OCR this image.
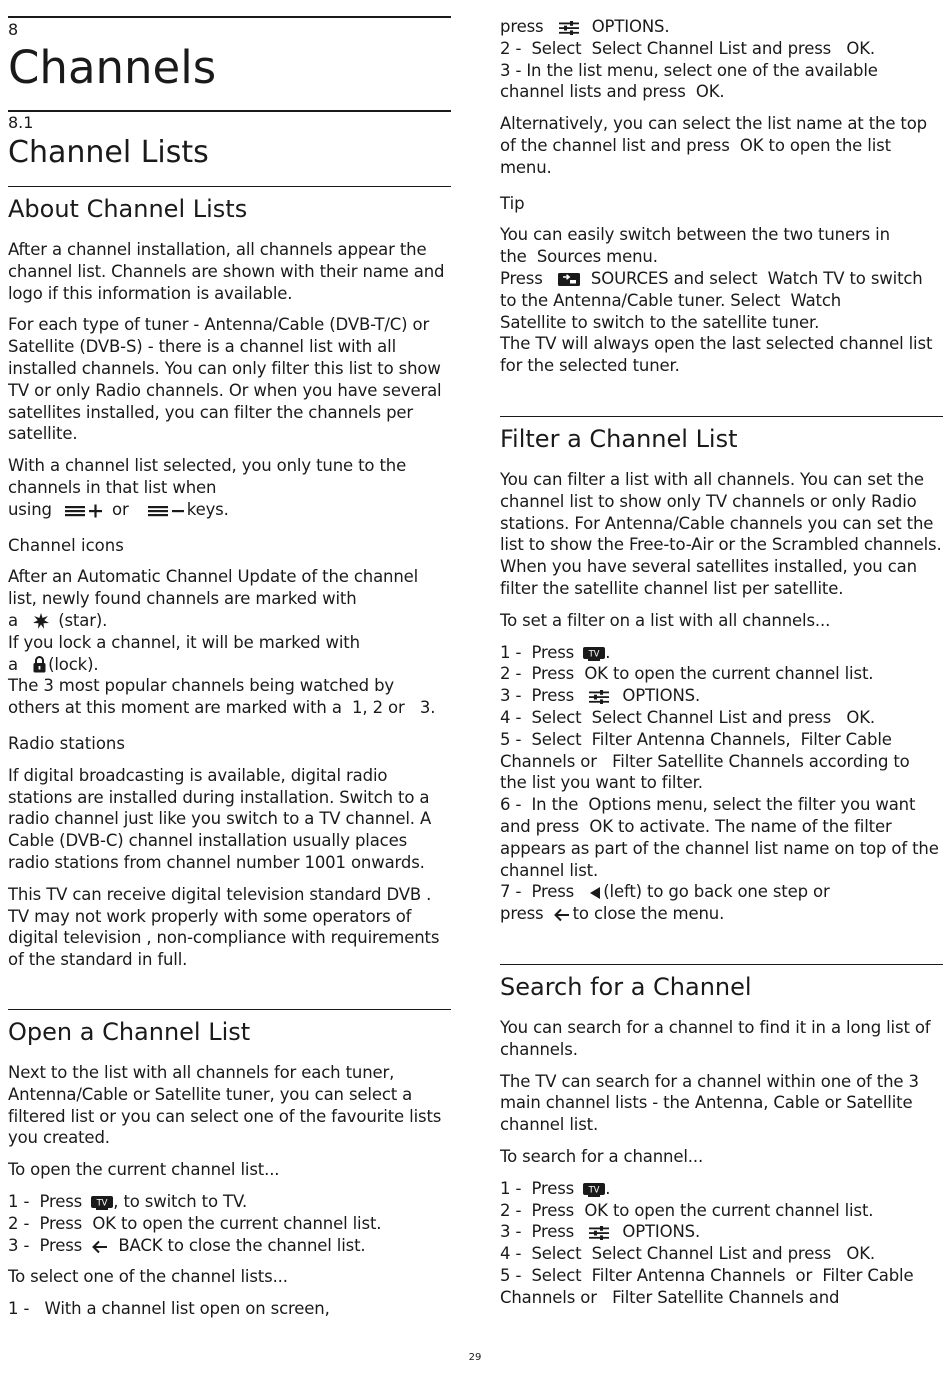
8
Channels
8.1
Channel Lists
About Channel Lists

After a channel installation, all channels appear the channel list. Channels are shown with their name and logo if this information is available.

For each type of tuner - Antenna/Cable (DVB-T/C) or Satellite (DVB-S) - there is a channel list with all installed channels. You can only filter this list to show TV or only Radio channels. Or when you have several satellites installed, you can filter the channels per satellite.

With a channel list selected, you only tune to the channels in that list when

using	or	keys.
Channel icons

After an Automatic Channel Update of the channel list, newly found channels are marked with

a (star).

If you lock a channel, it will be marked with

a (lock).

The 3 most popular channels being watched by

others at this moment are marked with a 1, 2 or 3.
Radio stations

If digital broadcasting is available, digital radio stations are installed during installation. Switch to a radio channel just like you switch to a TV channel. A Cable (DVB-C) channel installation usually places radio stations from channel number 1001 onwards.

This TV can receive digital television standard DVB . TV may not work properly with some operators of digital television , non-compliance with requirements of the standard in full.

Open a Channel List

Next to the list with all channels for each tuner, Antenna/Cable or Satellite tuner, you can select a filtered list or you can select one of the favourite lists you created.

To open the current channel list...

1 - Press TV , to switch to TV.
2 - Press OK to open the current channel list.
3 - Press BACK to close the channel list.

To select one of the channel lists...

1 -   With a channel list open on screen,
press	OPTIONS.
2 - Select Select Channel List and press OK.
3 - In the list menu, select one of the available channel lists and press OK.

Alternatively, you can select the list name at the top of the channel list and press OK to open the list menu.

Tip

You can easily switch between the two tuners in

the Sources menu.
Press	SOURCES and select Watch TV to switch
to the Antenna/Cable tuner. Select Watch
Satellite to switch to the satellite tuner.

The TV will always open the last selected channel list for the selected tuner.

Filter a Channel List

You can filter a list with all channels. You can set the channel list to show only TV channels or only Radio stations. For Antenna/Cable channels you can set the list to show the Free-to-Air or the Scrambled channels. When you have several satellites installed, you can filter the satellite channel list per satellite.

To set a filter on a list with all channels...

1 - Press TV .
2 - Press OK to open the current channel list.
3 - Press	OPTIONS.
4 - Select Select Channel List and press OK.
5 - Select Filter Antenna Channels, Filter Cable
Channels or Filter Satellite Channels according to
the list you want to filter.
6 - In the Options menu, select the filter you want
and press OK to activate. The name of the filter

appears as part of the channel list name on top of the channel list.

7 - Press (left) to go back one step or
press to close the menu.
Search for a Channel

You can search for a channel to find it in a long list of channels.

The TV can search for a channel within one of the 3 main channel lists - the Antenna, Cable or Satellite channel list.

To search for a channel...

1 - Press TV .
2 - Press OK to open the current channel list.
3 - Press	OPTIONS.
4 - Select Select Channel List and press OK.
5 - Select Filter Antenna Channels or Filter Cable
Channels or Filter Satellite Channels and
29
